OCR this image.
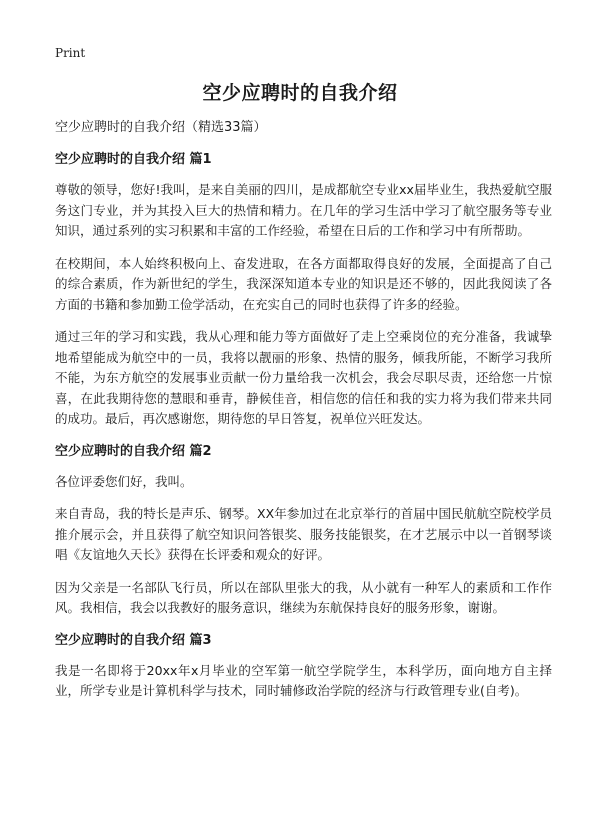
Print
空少应聘时的自我介绍

空少应聘时的自我介绍（精选33篇）

空少应聘时的自我介绍 篇1

尊敬的领导，您好!我叫，是来自美丽的四川，是成都航空专业xx届毕业生，我热爱航空服务这门专业，并为其投入巨大的热情和精力。在几年的学习生活中学习了航空服务等专业知识，通过系列的实习积累和丰富的工作经验，希望在日后的工作和学习中有所帮助。

在校期间，本人始终积极向上、奋发进取，在各方面都取得良好的发展，全面提高了自己的综合素质，作为新世纪的学生，我深深知道本专业的知识是还不够的，因此我阅读了各方面的书籍和参加勤工俭学活动，在充实自己的同时也获得了许多的经验。

通过三年的学习和实践，我从心理和能力等方面做好了走上空乘岗位的充分准备，我诚挚地希望能成为航空中的一员，我将以靓丽的形象、热情的服务，倾我所能，不断学习我所不能，为东方航空的发展事业贡献一份力量给我一次机会，我会尽职尽责，还给您一片惊喜，在此我期待您的慧眼和垂青，静候佳音，相信您的信任和我的实力将为我们带来共同的成功。最后，再次感谢您，期待您的早日答复，祝单位兴旺发达。

空少应聘时的自我介绍 篇2

各位评委您们好，我叫。

来自青岛，我的特长是声乐、钢琴。XX年参加过在北京举行的首届中国民航航空院校学员推介展示会，并且获得了航空知识问答银奖、服务技能银奖，在才艺展示中以一首钢琴谈唱《友谊地久天长》获得在长评委和观众的好评。

因为父亲是一名部队飞行员，所以在部队里张大的我，从小就有一种军人的素质和工作作风。我相信，我会以我教好的服务意识，继续为东航保持良好的服务形象，谢谢。

空少应聘时的自我介绍 篇3

我是一名即将于20xx年x月毕业的空军第一航空学院学生，本科学历，面向地方自主择业，所学专业是计算机科学与技术，同时辅修政治学院的经济与行政管理专业(自考)。
